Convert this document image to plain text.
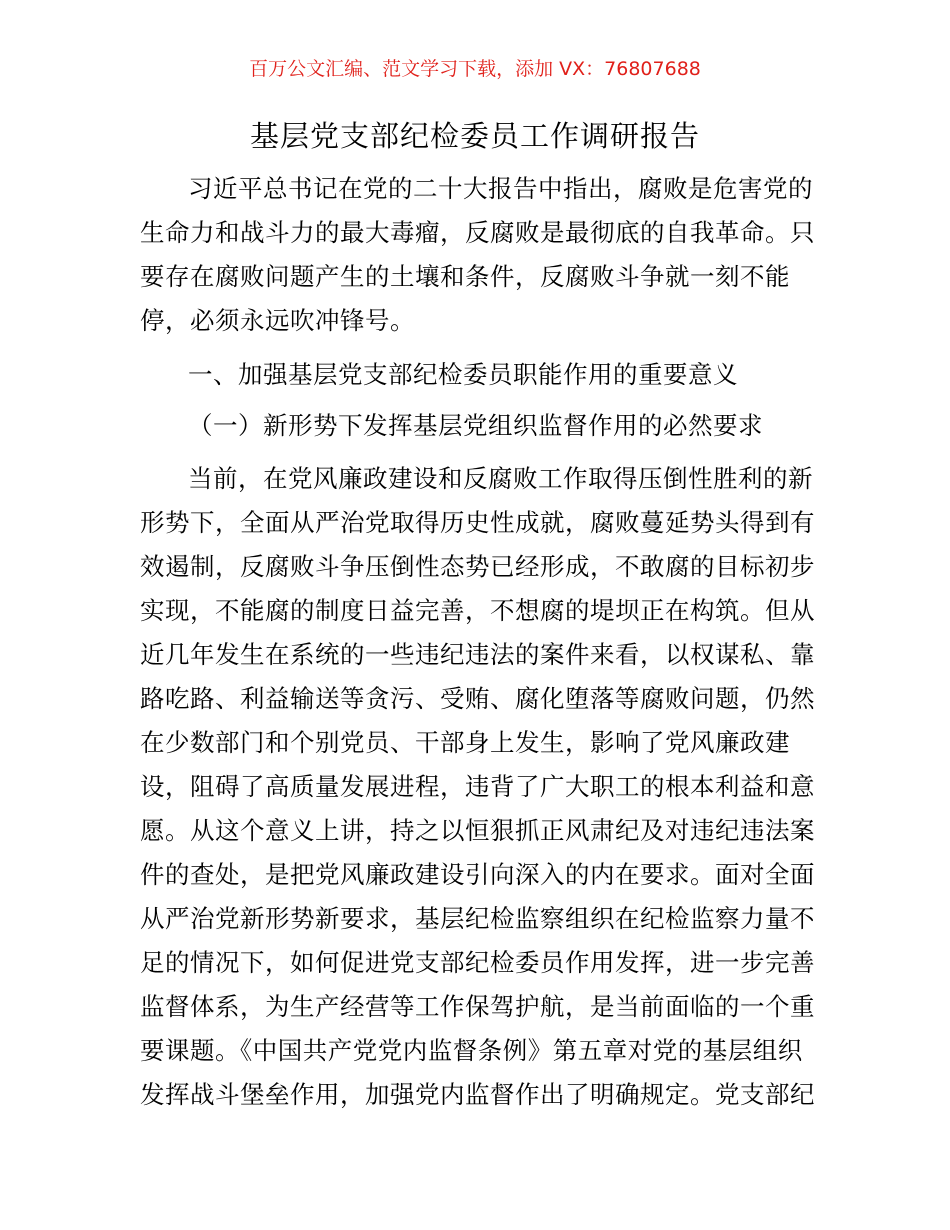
百万公文汇编、范文学习下载，添加 VX：76807688
基层党支部纪检委员工作调研报告
习近平总书记在党的二十大报告中指出，腐败是危害党的
生命力和战斗力的最大毒瘤，反腐败是最彻底的自我革命。只
要存在腐败问题产生的土壤和条件，反腐败斗争就一刻不能
停，必须永远吹冲锋号。
一、加强基层党支部纪检委员职能作用的重要意义
（一）新形势下发挥基层党组织监督作用的必然要求
当前，在党风廉政建设和反腐败工作取得压倒性胜利的新
形势下，全面从严治党取得历史性成就，腐败蔓延势头得到有
效遏制，反腐败斗争压倒性态势已经形成，不敢腐的目标初步
实现，不能腐的制度日益完善，不想腐的堤坝正在构筑。但从
近几年发生在系统的一些违纪违法的案件来看，以权谋私、靠
路吃路、利益输送等贪污、受贿、腐化堕落等腐败问题，仍然
在少数部门和个别党员、干部身上发生，影响了党风廉政建
设，阻碍了高质量发展进程，违背了广大职工的根本利益和意
愿。从这个意义上讲，持之以恒狠抓正风肃纪及对违纪违法案
件的查处，是把党风廉政建设引向深入的内在要求。面对全面
从严治党新形势新要求，基层纪检监察组织在纪检监察力量不
足的情况下，如何促进党支部纪检委员作用发挥，进一步完善
监督体系，为生产经营等工作保驾护航，是当前面临的一个重
要课题。《中国共产党党内监督条例》第五章对党的基层组织
发挥战斗堡垒作用，加强党内监督作出了明确规定。党支部纪
